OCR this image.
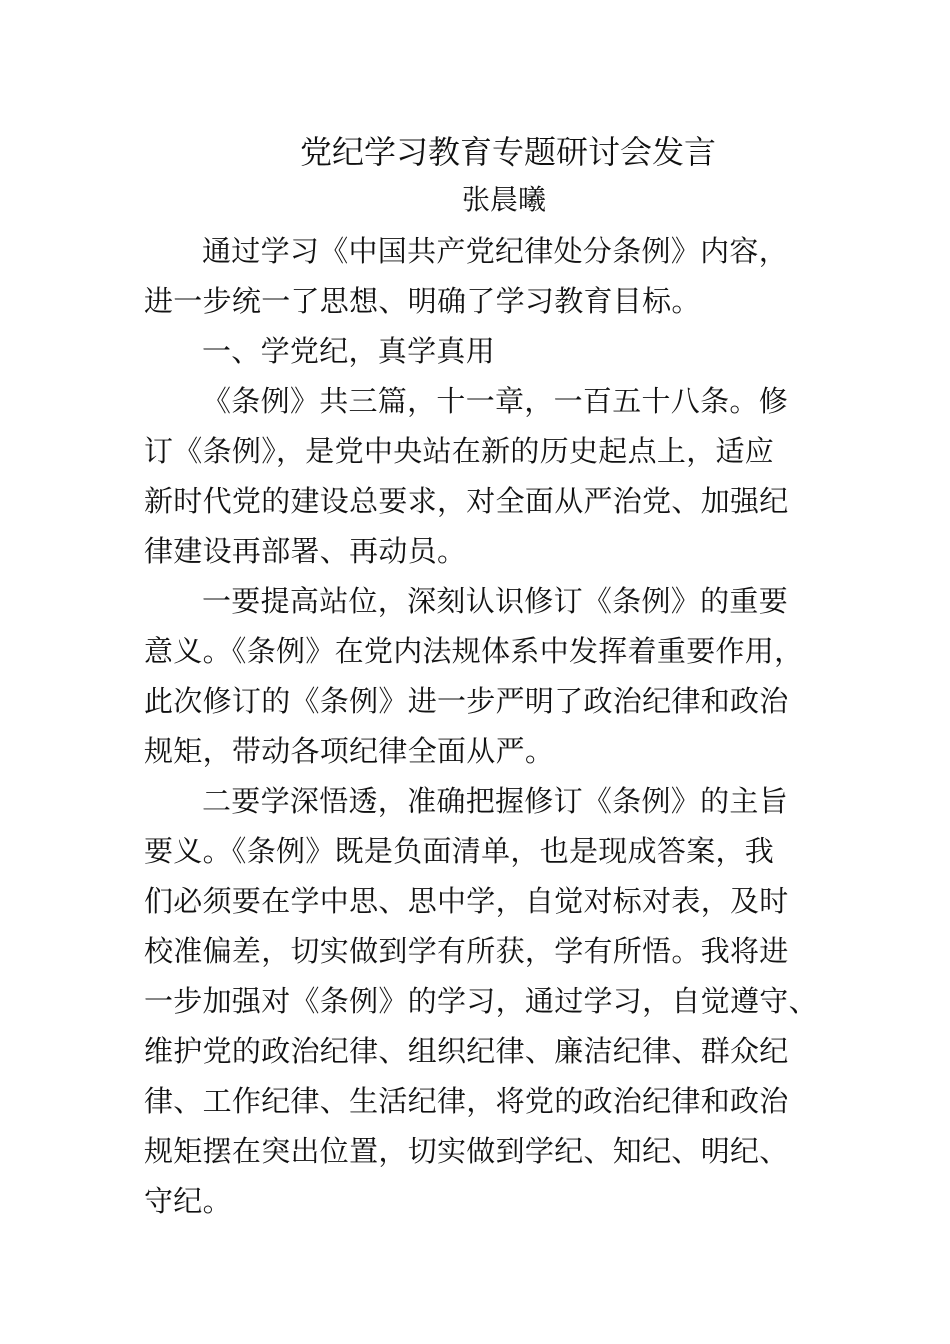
党纪学习教育专题研讨会发言
张晨曦

通过学习《中国共产党纪律处分条例》内容，
进一步统一了思想、明确了学习教育目标。

一、学党纪，真学真用

《条例》共三篇，十一章，一百五十八条。修
订《条例》，是党中央站在新的历史起点上，适应
新时代党的建设总要求，对全面从严治党、加强纪
律建设再部署、再动员。

一要提高站位，深刻认识修订《条例》的重要
意义。《条例》在党内法规体系中发挥着重要作用，
此次修订的《条例》进一步严明了政治纪律和政治
规矩，带动各项纪律全面从严。

二要学深悟透，准确把握修订《条例》的主旨
要义。《条例》既是负面清单，也是现成答案，我
们必须要在学中思、思中学，自觉对标对表，及时
校准偏差，切实做到学有所获，学有所悟。我将进
一步加强对《条例》的学习，通过学习，自觉遵守、
维护党的政治纪律、组织纪律、廉洁纪律、群众纪
律、工作纪律、生活纪律，将党的政治纪律和政治
规矩摆在突出位置，切实做到学纪、知纪、明纪、
守纪。
